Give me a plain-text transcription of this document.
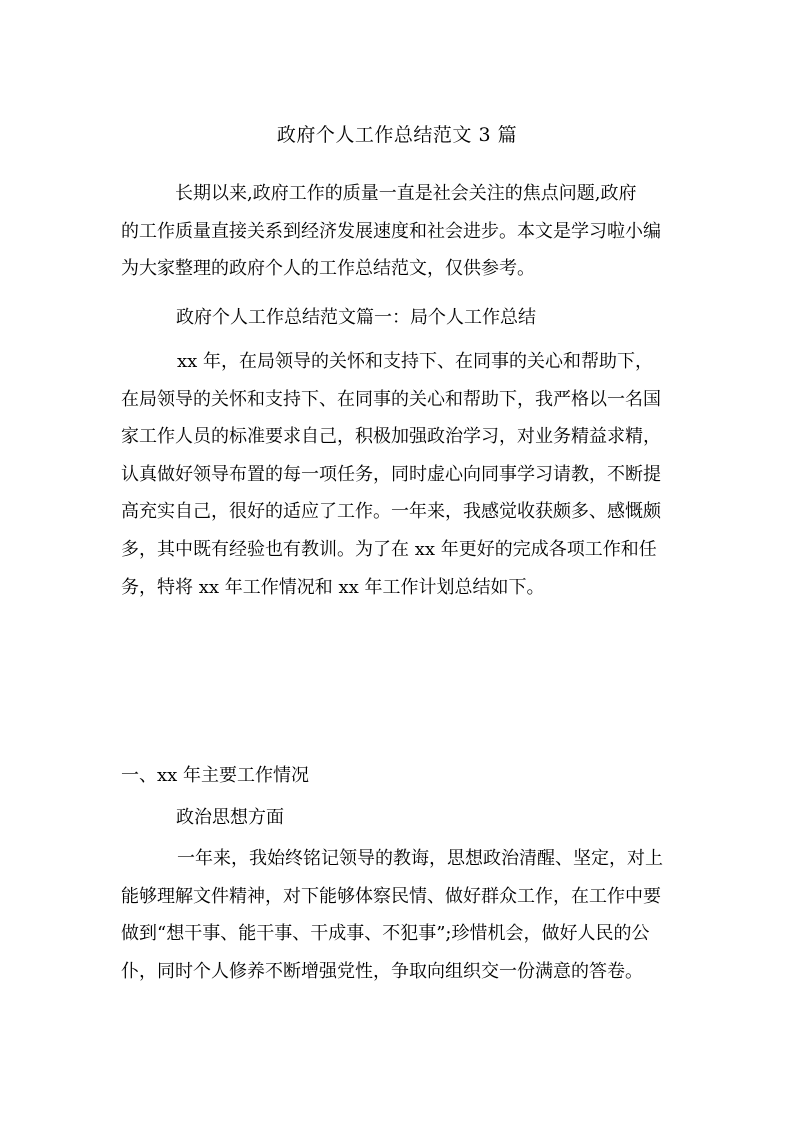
政府个人工作总结范文 3 篇

长期以来,政府工作的质量一直是社会关注的焦点问题,政府
的工作质量直接关系到经济发展速度和社会进步。本文是学习啦小编
为大家整理的政府个人的工作总结范文，仅供参考。

政府个人工作总结范文篇一：局个人工作总结

xx 年，在局领导的关怀和支持下、在同事的关心和帮助下，
在局领导的关怀和支持下、在同事的关心和帮助下，我严格以一名国
家工作人员的标准要求自己，积极加强政治学习，对业务精益求精，
认真做好领导布置的每一项任务，同时虚心向同事学习请教，不断提
高充实自己，很好的适应了工作。一年来，我感觉收获颇多、感慨颇
多，其中既有经验也有教训。为了在 xx 年更好的完成各项工作和任
务，特将 xx 年工作情况和 xx 年工作计划总结如下。

一、xx 年主要工作情况
政治思想方面

一年来，我始终铭记领导的教诲，思想政治清醒、坚定，对上
能够理解文件精神，对下能够体察民情、做好群众工作，在工作中要
做到“想干事、能干事、干成事、不犯事”;珍惜机会，做好人民的公
仆，同时个人修养不断增强党性，争取向组织交一份满意的答卷。
